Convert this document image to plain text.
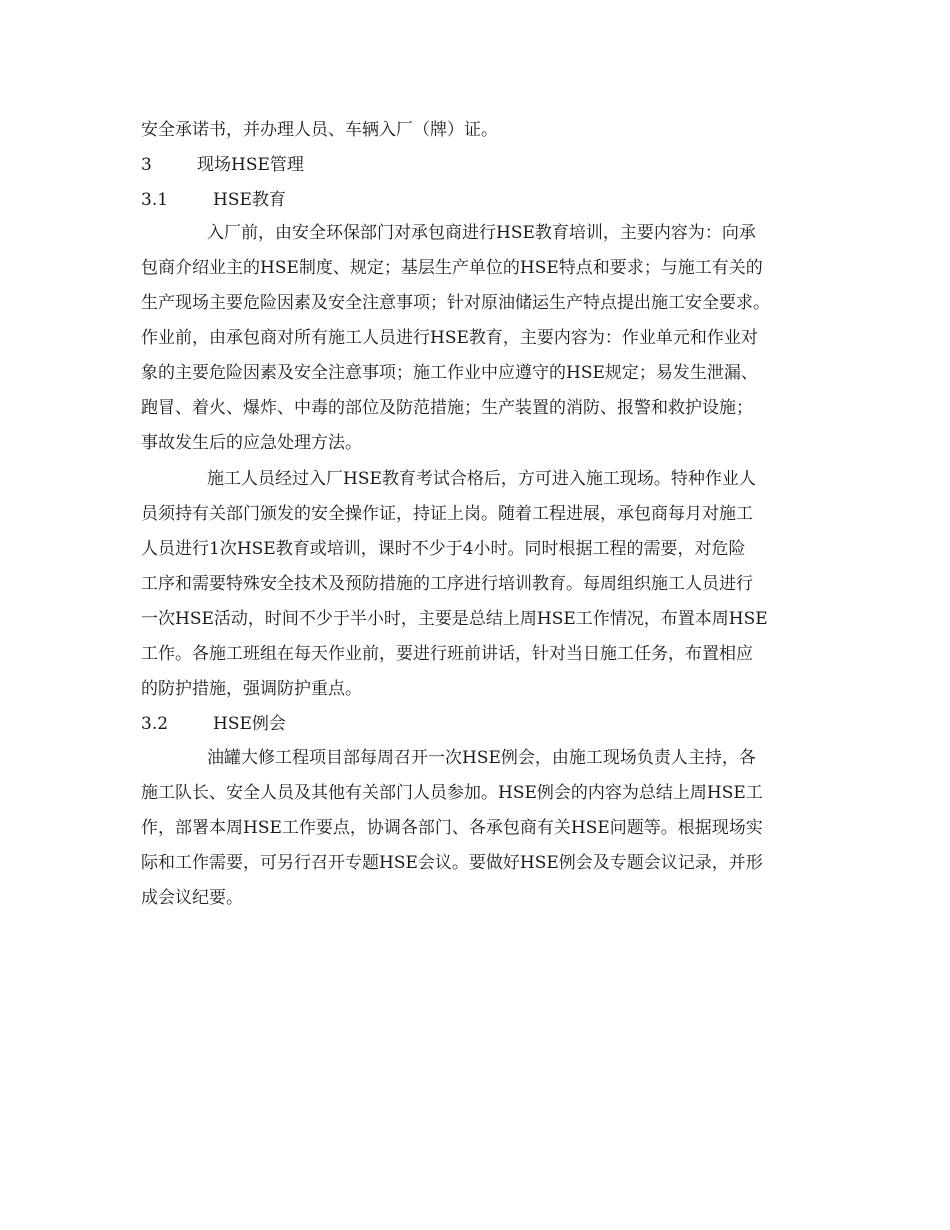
安全承诺书，并办理人员、车辆入厂（牌）证。
3	现场HSE管理
3.1	HSE教育
入厂前，由安全环保部门对承包商进行HSE教育培训，主要内容为：向承
包商介绍业主的HSE制度、规定；基层生产单位的HSE特点和要求；与施工有关的
生产现场主要危险因素及安全注意事项；针对原油储运生产特点提出施工安全要求。
作业前，由承包商对所有施工人员进行HSE教育，主要内容为：作业单元和作业对
象的主要危险因素及安全注意事项；施工作业中应遵守的HSE规定；易发生泄漏、
跑冒、着火、爆炸、中毒的部位及防范措施；生产装置的消防、报警和救护设施；
事故发生后的应急处理方法。
施工人员经过入厂HSE教育考试合格后，方可进入施工现场。特种作业人
员须持有关部门颁发的安全操作证，持证上岗。随着工程进展，承包商每月对施工
人员进行1次HSE教育或培训，课时不少于4小时。同时根据工程的需要，对危险
工序和需要特殊安全技术及预防措施的工序进行培训教育。每周组织施工人员进行
一次HSE活动，时间不少于半小时，主要是总结上周HSE工作情况，布置本周HSE
工作。各施工班组在每天作业前，要进行班前讲话，针对当日施工任务，布置相应
的防护措施，强调防护重点。
3.2	HSE例会
油罐大修工程项目部每周召开一次HSE例会，由施工现场负责人主持，各
施工队长、安全人员及其他有关部门人员参加。HSE例会的内容为总结上周HSE工
作，部署本周HSE工作要点，协调各部门、各承包商有关HSE问题等。根据现场实
际和工作需要，可另行召开专题HSE会议。要做好HSE例会及专题会议记录，并形
成会议纪要。
